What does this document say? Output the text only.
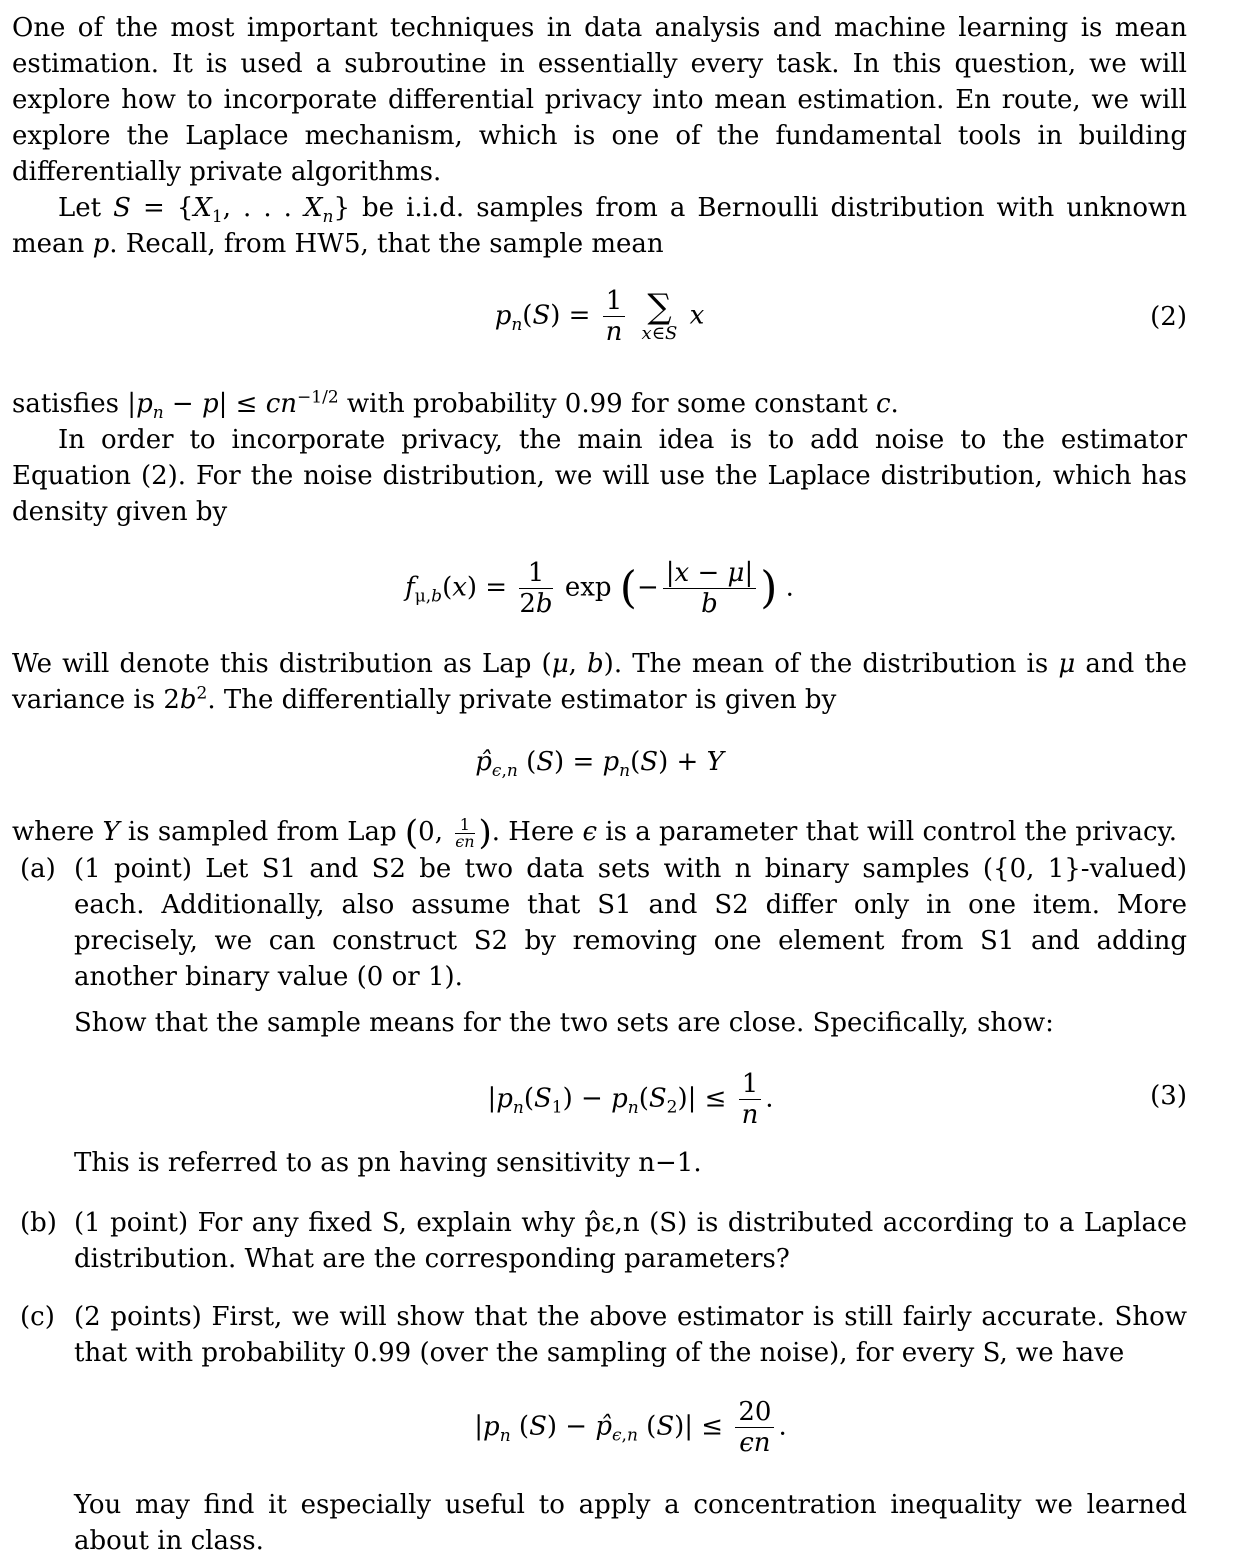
One of the most important techniques in data analysis and machine learning is mean estimation. It is used a subroutine in essentially every task. In this question, we will explore how to incorporate differential privacy into mean estimation. En route, we will explore the Laplace mechanism, which is one of the fundamental tools in building differentially private algorithms.

Let $S = \{X_1$, . . . $X_n$} be i.i.d. samples from a Bernoulli distribution with unknown mean p. Recall, from HW5, that the sample mean

$p_n(S) = \frac{1}{n}$
∑
x∈S
x	(2)

satisfies $|p_n - p| \le cn^{-1/2}$ with probability 0.99 for some constant c.

In order to incorporate privacy, the main idea is to add noise to the estimator Equation (2). For the noise distribution, we will use the Laplace distribution, which has density given by

$f_{\mu,b}(x) = \frac{1}{2b}$ exp (− $\frac{|x - \mu|}{b}$ ) .

We will denote this distribution as Lap (μ, b). The mean of the distribution is μ and the variance is $2b^2$. The differentially private estimator is given by

$p̂_{\epsilon,n}$ $(S) = p_n(S) + Y$

where Y is sampled from Lap (0, $\frac{1}{\epsilon n}$ ). Here ϵ is a parameter that will control the privacy.

(a) (1 point) Let S1 and S2 be two data sets with n binary samples ({0, 1}-valued) each. Additionally, also assume that S1 and S2 differ only in one item. More precisely, we can construct S2 by removing one element from S1 and adding another binary value (0 or 1).

Show that the sample means for the two sets are close. Specifically, show:

$|p_n(S_1) - p_n(S_2)| \le \frac{1}{n}$ .	(3)

This is referred to as pn having sensitivity n−1.

(b) (1 point) For any fixed S, explain why p̂ε,n (S) is distributed according to a Laplace distribution. What are the corresponding parameters?

(c) (2 points) First, we will show that the above estimator is still fairly accurate. Show that with probability 0.99 (over the sampling of the noise), for every S, we have

$|p_n$ $(S) - p̂_{\epsilon,n}$ $(S)| \le \frac{20}{\epsilon n}$ .

You may find it especially useful to apply a concentration inequality we learned about in class.
